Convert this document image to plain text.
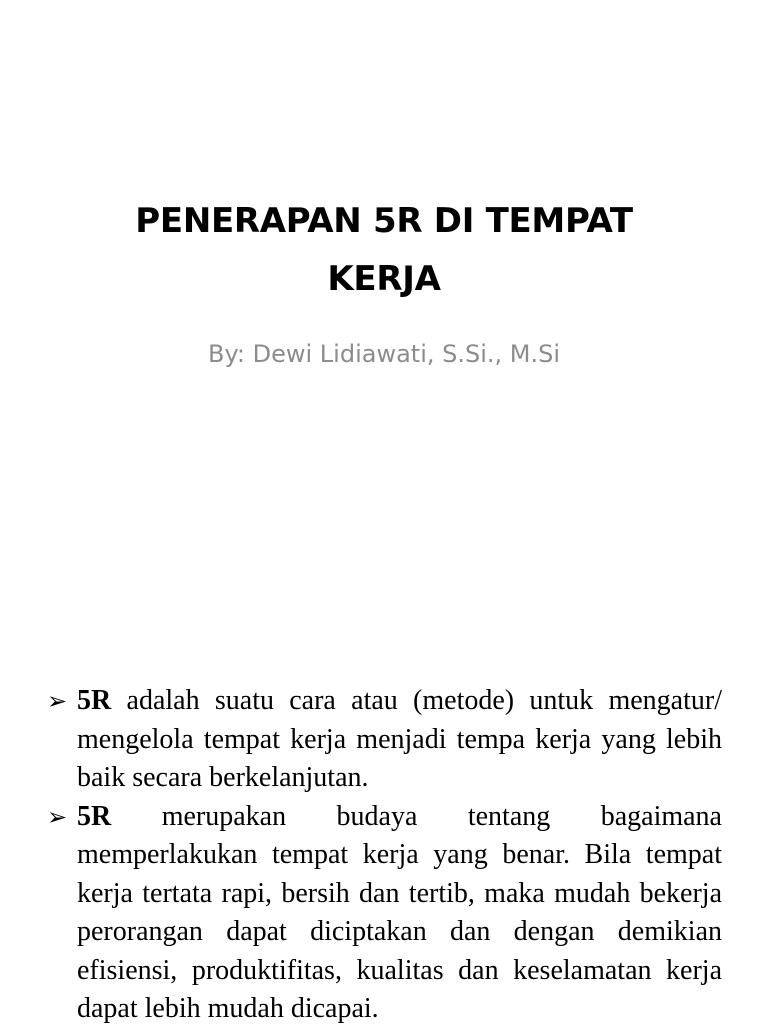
PENERAPAN 5R DI TEMPAT KERJA
By: Dewi Lidiawati, S.Si., M.Si
➢ 5R adalah suatu cara atau (metode) untuk mengatur/ mengelola tempat kerja menjadi tempa kerja yang lebih baik secara berkelanjutan.
➢ 5R merupakan budaya tentang bagaimana memperlakukan tempat kerja yang benar. Bila tempat kerja tertata rapi, bersih dan tertib, maka mudah bekerja perorangan dapat diciptakan dan dengan demikian efisiensi, produktifitas, kualitas dan keselamatan kerja dapat lebih mudah dicapai.
